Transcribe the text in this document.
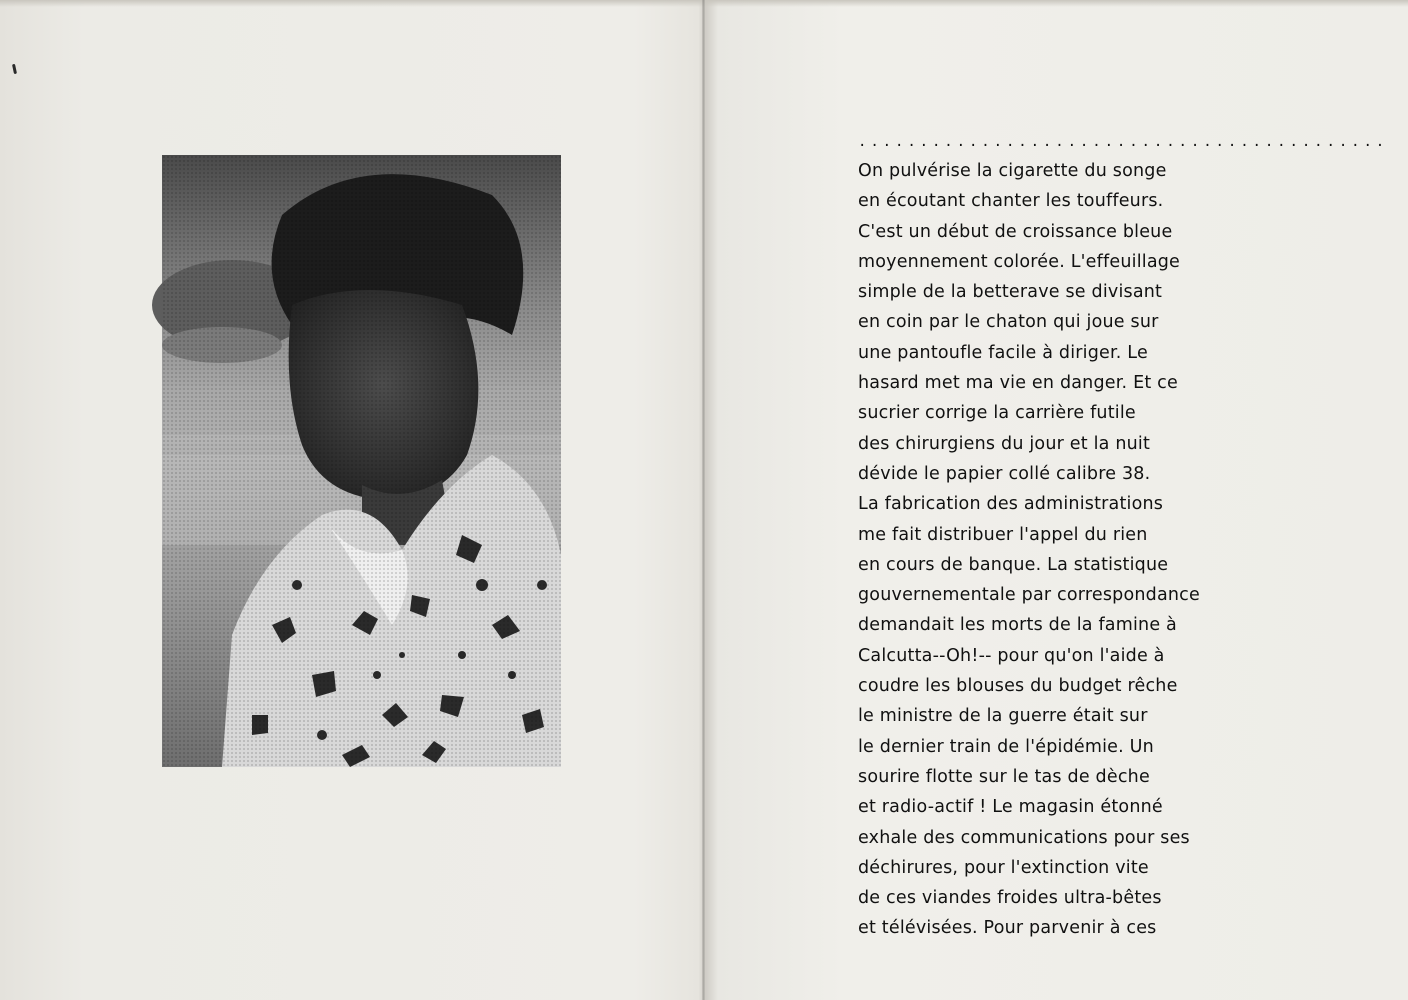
...........................................
On pulvérise la cigarette du songe
en écoutant chanter les touffeurs.
C'est un début de croissance bleue
moyennement colorée. L'effeuillage
simple de la betterave se divisant
en coin par le chaton qui joue sur
une pantoufle facile à diriger. Le
hasard met ma vie en danger. Et ce
sucrier corrige la carrière futile
des chirurgiens du jour et la nuit
dévide le papier collé calibre 38.
La fabrication des administrations
me fait distribuer l'appel du rien
en cours de banque. La statistique
gouvernementale par correspondance
demandait les morts de la famine à
Calcutta--Oh!-- pour qu'on l'aide à
coudre les blouses du budget rêche
le ministre de la guerre était sur
le dernier train de l'épidémie. Un
sourire flotte sur le tas de dèche
et radio-actif ! Le magasin étonné
exhale des communications pour ses
déchirures, pour l'extinction vite
de ces viandes froides ultra-bêtes
et télévisées. Pour parvenir à ces
